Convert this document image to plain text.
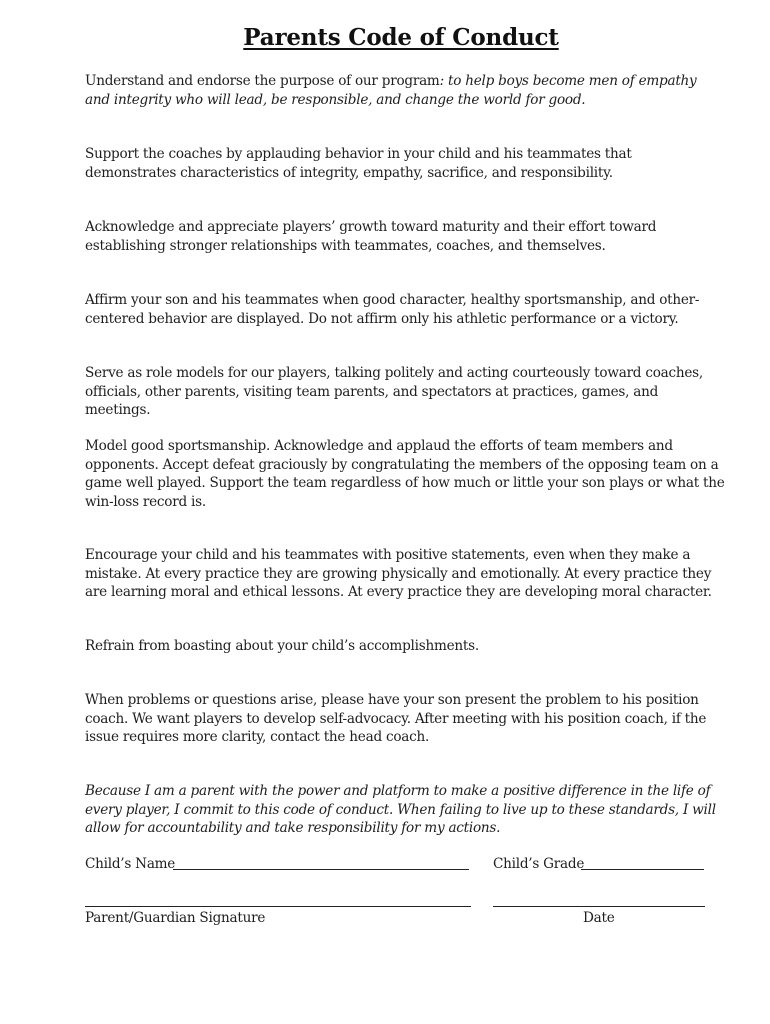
Parents Code of Conduct

Understand and endorse the purpose of our program: to help boys become men of empathy and integrity who will lead, be responsible, and change the world for good.

Support the coaches by applauding behavior in your child and his teammates that demonstrates characteristics of integrity, empathy, sacrifice, and responsibility.

Acknowledge and appreciate players’ growth toward maturity and their effort toward establishing stronger relationships with teammates, coaches, and themselves.

Affirm your son and his teammates when good character, healthy sportsmanship, and other-centered behavior are displayed. Do not affirm only his athletic performance or a victory.

Serve as role models for our players, talking politely and acting courteously toward coaches, officials, other parents, visiting team parents, and spectators at practices, games, and meetings.

Model good sportsmanship. Acknowledge and applaud the efforts of team members and opponents. Accept defeat graciously by congratulating the members of the opposing team on a game well played. Support the team regardless of how much or little your son plays or what the win-loss record is.

Encourage your child and his teammates with positive statements, even when they make a mistake. At every practice they are growing physically and emotionally. At every practice they are learning moral and ethical lessons. At every practice they are developing moral character.

Refrain from boasting about your child’s accomplishments.

When problems or questions arise, please have your son present the problem to his position coach. We want players to develop self-advocacy. After meeting with his position coach, if the issue requires more clarity, contact the head coach.

Because I am a parent with the power and platform to make a positive difference in the life of every player, I commit to this code of conduct. When failing to live up to these standards, I will allow for accountability and take responsibility for my actions.

Child’s Name	Child’s Grade
Parent/Guardian Signature	Date
